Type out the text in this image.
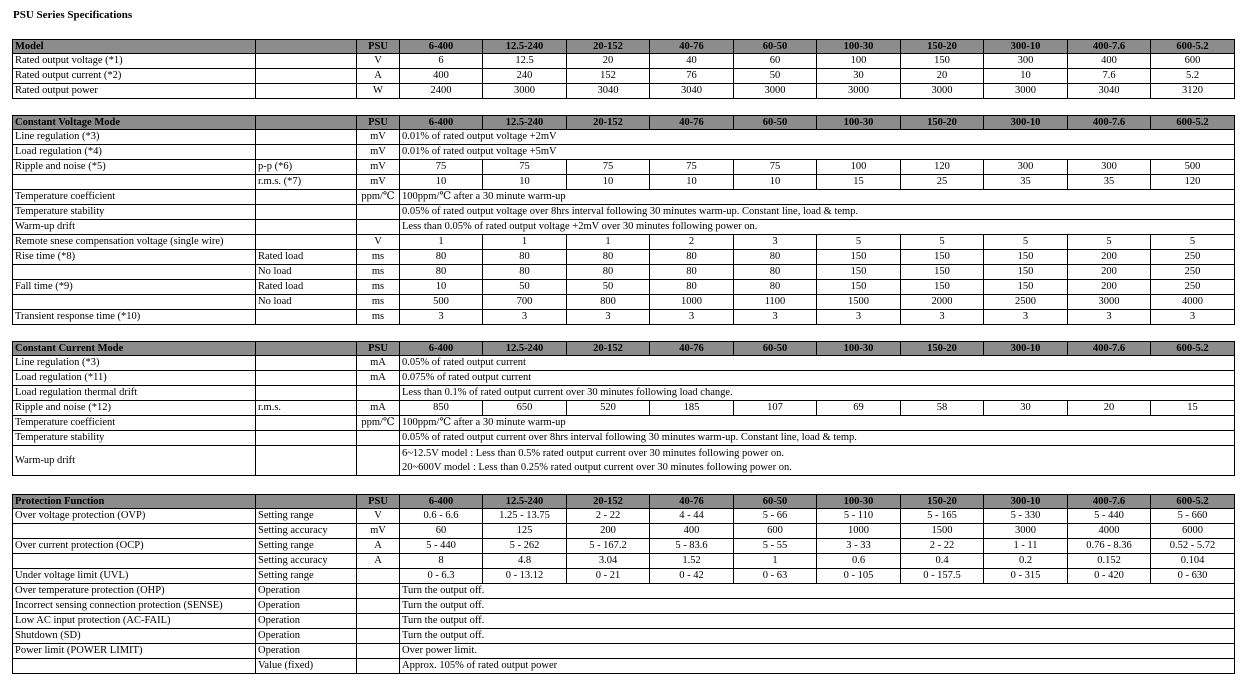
PSU Series Specifications
Model		PSU	6-400	12.5-240	20-152	40-76	60-50	100-30	150-20	300-10	400-7.6	600-5.2
Rated output voltage (*1)		V	6	12.5	20	40	60	100	150	300	400	600
Rated output current (*2)		A	400	240	152	76	50	30	20	10	7.6	5.2
Rated output power		W	2400	3000	3040	3040	3000	3000	3000	3000	3040	3120
Constant Voltage Mode		PSU	6-400	12.5-240	20-152	40-76	60-50	100-30	150-20	300-10	400-7.6	600-5.2
Line regulation (*3)		mV	0.01% of rated output voltage +2mV									
Load regulation (*4)		mV	0.01% of rated output voltage +5mV									
Ripple and noise (*5)	p-p (*6)	mV	75	75	75	75	75	100	120	300	300	500
	r.m.s. (*7)	mV	10	10	10	10	10	15	25	35	35	120
Temperature coefficient		ppm/℃	100ppm/℃ after a 30 minute warm-up									
Temperature stability			0.05% of rated output voltage over 8hrs interval following 30 minutes warm-up. Constant line, load & temp.									
Warm-up drift			Less than 0.05% of rated output voltage +2mV over 30 minutes following power on.									
Remote snese compensation voltage (single wire)		V	1	1	1	2	3	5	5	5	5	5
Rise time (*8)	Rated load	ms	80	80	80	80	80	150	150	150	200	250
	No load	ms	80	80	80	80	80	150	150	150	200	250
Fall time (*9)	Rated load	ms	10	50	50	80	80	150	150	150	200	250
	No load	ms	500	700	800	1000	1100	1500	2000	2500	3000	4000
Transient response time (*10)		ms	3	3	3	3	3	3	3	3	3	3
Constant Current Mode		PSU	6-400	12.5-240	20-152	40-76	60-50	100-30	150-20	300-10	400-7.6	600-5.2
Line regulation (*3)		mA	0.05% of rated output current									
Load regulation (*11)		mA	0.075% of rated output current									
Load regulation thermal drift			Less than 0.1% of rated output current over 30 minutes following load change.									
Ripple and noise (*12)	r.m.s.	mA	850	650	520	185	107	69	58	30	20	15
Temperature coefficient		ppm/℃	100ppm/℃ after a 30 minute warm-up									
Temperature stability			0.05% of rated output current over 8hrs interval following 30 minutes warm-up. Constant line, load & temp.									
Warm-up drift			6~12.5V model : Less than 0.5% rated output current over 30 minutes following power on.
20~600V model : Less than 0.25% rated output current over 30 minutes following power on.									
Protection Function		PSU	6-400	12.5-240	20-152	40-76	60-50	100-30	150-20	300-10	400-7.6	600-5.2
Over voltage protection (OVP)	Setting range	V	0.6 - 6.6	1.25 - 13.75	2 - 22	4 - 44	5 - 66	5 - 110	5 - 165	5 - 330	5 - 440	5 - 660
	Setting accuracy	mV	60	125	200	400	600	1000	1500	3000	4000	6000
Over current protection (OCP)	Setting range	A	5 - 440	5 - 262	5 - 167.2	5 - 83.6	5 - 55	3 - 33	2 - 22	1 - 11	0.76 - 8.36	0.52 - 5.72
	Setting accuracy	A	8	4.8	3.04	1.52	1	0.6	0.4	0.2	0.152	0.104
Under voltage limit (UVL)	Setting range		0 - 6.3	0 - 13.12	0 - 21	0 - 42	0 - 63	0 - 105	0 - 157.5	0 - 315	0 - 420	0 - 630
Over temperature protection (OHP)	Operation		Turn the output off.									
Incorrect sensing connection protection (SENSE)	Operation		Turn the output off.									
Low AC input protection (AC-FAIL)	Operation		Turn the output off.									
Shutdown (SD)	Operation		Turn the output off.									
Power limit (POWER LIMIT)	Operation		Over power limit.									
	Value (fixed)		Approx. 105% of rated output power									
